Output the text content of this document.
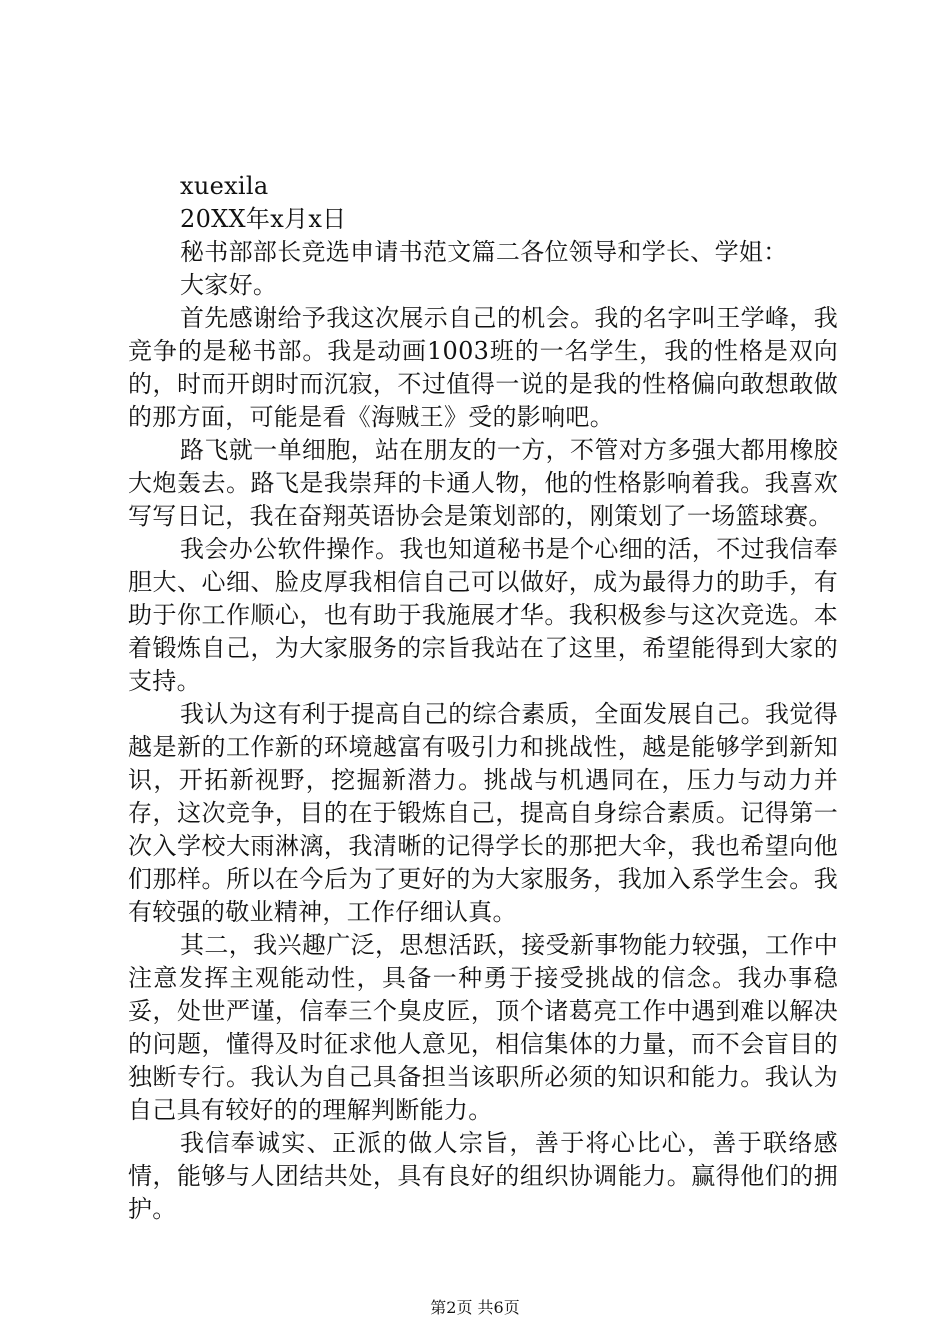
xuexila

20XX年x月x日

秘书部部长竞选申请书范文篇二各位领导和学长、学姐：

大家好。

首先感谢给予我这次展示自己的机会。我的名字叫王学峰，我竞争的是秘书部。我是动画1003班的一名学生，我的性格是双向的，时而开朗时而沉寂，不过值得一说的是我的性格偏向敢想敢做的那方面，可能是看《海贼王》受的影响吧。

路飞就一单细胞，站在朋友的一方，不管对方多强大都用橡胶大炮轰去。路飞是我崇拜的卡通人物，他的性格影响着我。我喜欢写写日记，我在奋翔英语协会是策划部的，刚策划了一场篮球赛。

我会办公软件操作。我也知道秘书是个心细的活，不过我信奉胆大、心细、脸皮厚我相信自己可以做好，成为最得力的助手，有助于你工作顺心，也有助于我施展才华。我积极参与这次竞选。本着锻炼自己，为大家服务的宗旨我站在了这里，希望能得到大家的支持。

我认为这有利于提高自己的综合素质，全面发展自己。我觉得越是新的工作新的环境越富有吸引力和挑战性，越是能够学到新知识，开拓新视野，挖掘新潜力。挑战与机遇同在，压力与动力并存，这次竞争，目的在于锻炼自己，提高自身综合素质。记得第一次入学校大雨淋漓，我清晰的记得学长的那把大伞，我也希望向他们那样。所以在今后为了更好的为大家服务，我加入系学生会。我有较强的敬业精神，工作仔细认真。

其二，我兴趣广泛，思想活跃，接受新事物能力较强，工作中注意发挥主观能动性，具备一种勇于接受挑战的信念。我办事稳妥，处世严谨，信奉三个臭皮匠，顶个诸葛亮工作中遇到难以解决的问题，懂得及时征求他人意见，相信集体的力量，而不会盲目的独断专行。我认为自己具备担当该职所必须的知识和能力。我认为自己具有较好的的理解判断能力。

我信奉诚实、正派的做人宗旨，善于将心比心，善于联络感情，能够与人团结共处，具有良好的组织协调能力。赢得他们的拥护。

第2页 共6页
